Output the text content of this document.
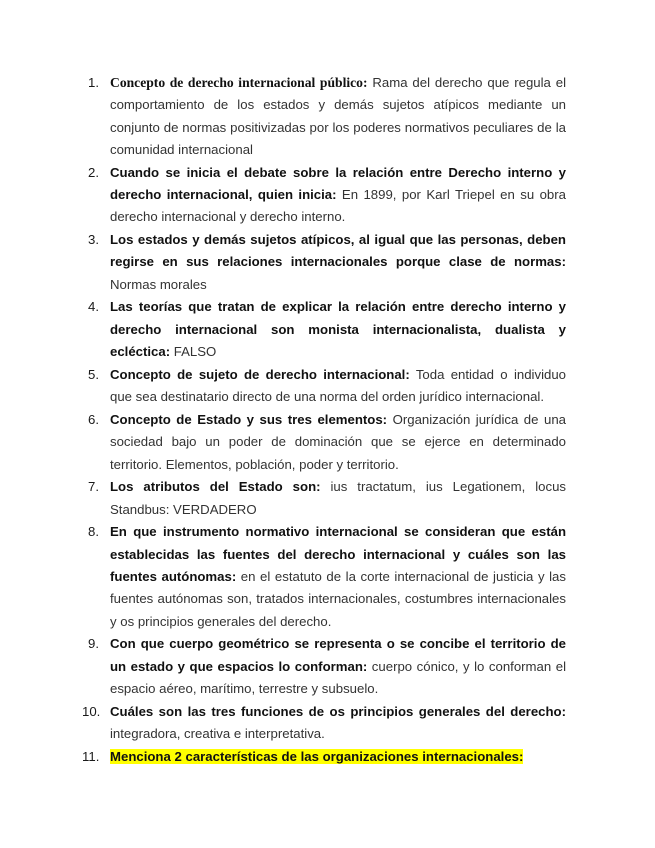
1. Concepto de derecho internacional público: Rama del derecho que regula el comportamiento de los estados y demás sujetos atípicos mediante un conjunto de normas positivizadas por los poderes normativos peculiares de la comunidad internacional
2. Cuando se inicia el debate sobre la relación entre Derecho interno y derecho internacional, quien inicia: En 1899, por Karl Triepel en su obra derecho internacional y derecho interno.
3. Los estados y demás sujetos atípicos, al igual que las personas, deben regirse en sus relaciones internacionales porque clase de normas: Normas morales
4. Las teorías que tratan de explicar la relación entre derecho interno y derecho internacional son monista internacionalista, dualista y ecléctica: FALSO
5. Concepto de sujeto de derecho internacional: Toda entidad o individuo que sea destinatario directo de una norma del orden jurídico internacional.
6. Concepto de Estado y sus tres elementos: Organización jurídica de una sociedad bajo un poder de dominación que se ejerce en determinado territorio. Elementos, población, poder y territorio.
7. Los atributos del Estado son: ius tractatum, ius Legationem, locus Standbus: VERDADERO
8. En que instrumento normativo internacional se consideran que están establecidas las fuentes del derecho internacional y cuáles son las fuentes autónomas: en el estatuto de la corte internacional de justicia y las fuentes autónomas son, tratados internacionales, costumbres internacionales y os principios generales del derecho.
9. Con que cuerpo geométrico se representa o se concibe el territorio de un estado y que espacios lo conforman: cuerpo cónico, y lo conforman el espacio aéreo, marítimo, terrestre y subsuelo.
10. Cuáles son las tres funciones de os principios generales del derecho: integradora, creativa e interpretativa.
11. Menciona 2 características de las organizaciones internacionales:
